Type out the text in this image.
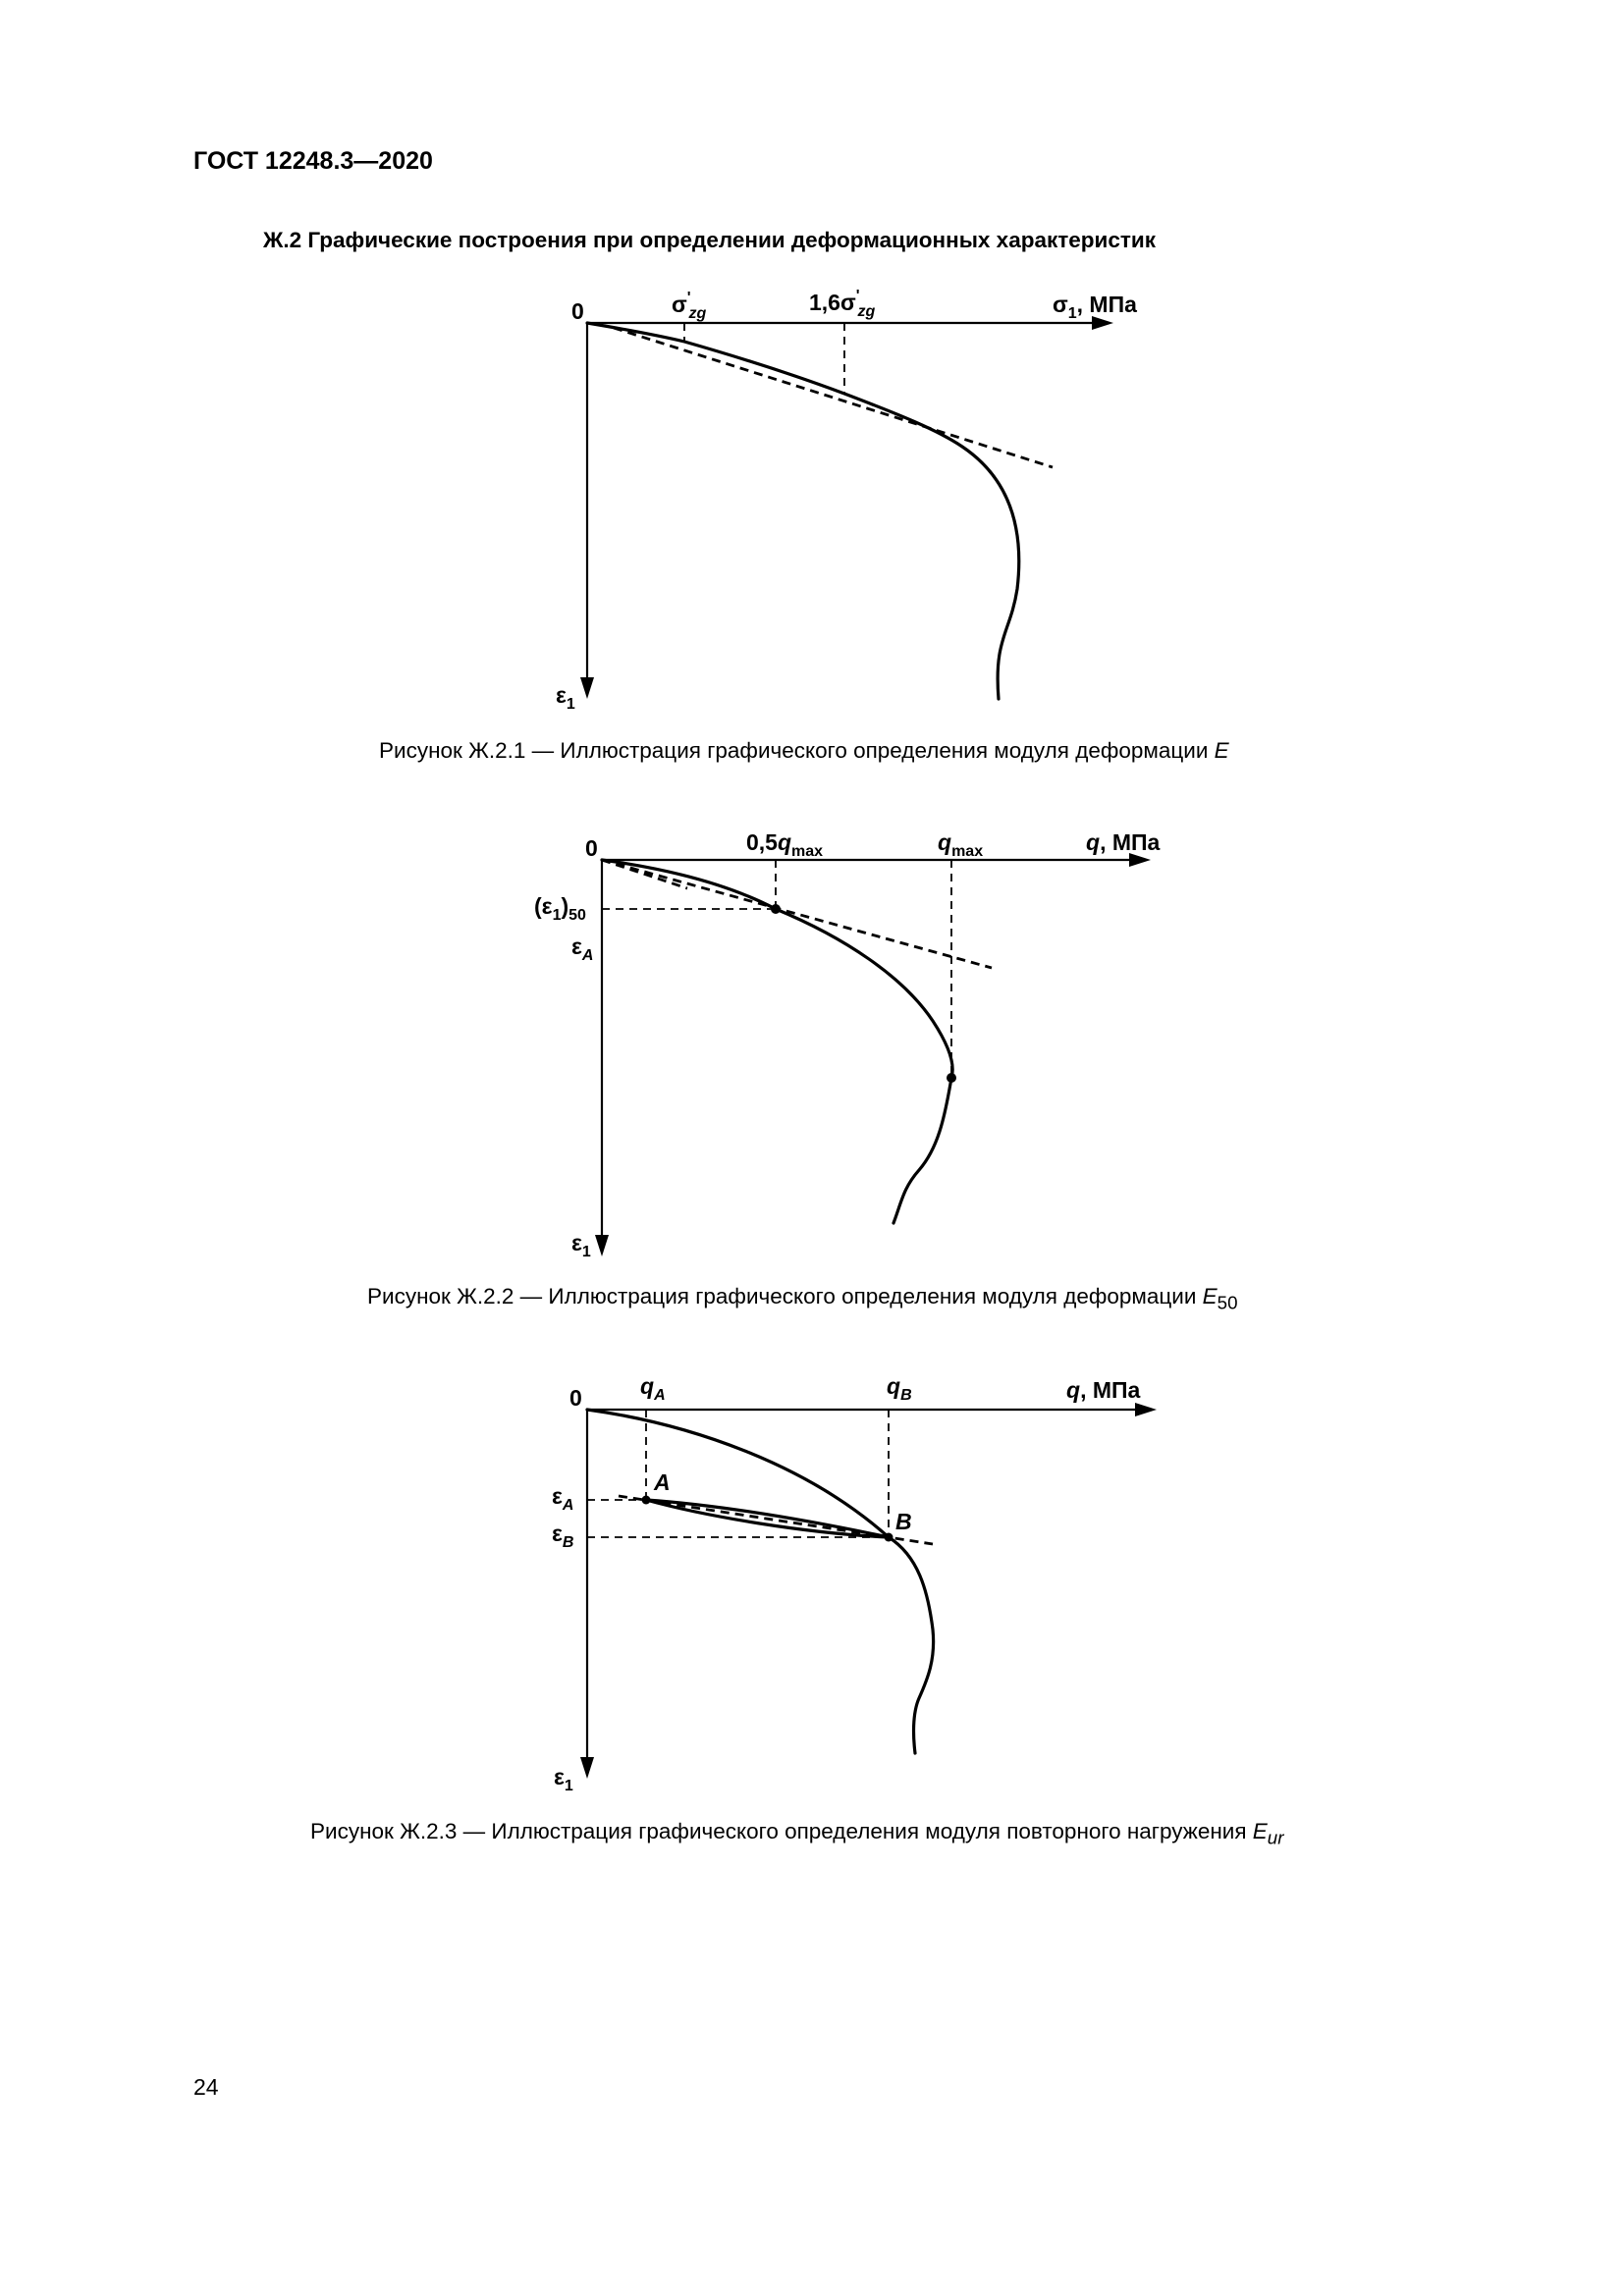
ГОСТ 12248.3—2020
Ж.2 Графические построения при определении деформационных характеристик
0	σ' zg	1,6σ' zg	$\sigma_1$, МПа
$\varepsilon_1$
Рисунок Ж.2.1 — Иллюстрация графического определения модуля деформации E
0	$0,5q_{max}$	$q_{max}$	q, МПа
$(\varepsilon_1)_{50}$
$\varepsilon_A$
$\varepsilon_1$
Рисунок Ж.2.2 — Иллюстрация графического определения модуля деформации $E_{50}$
0	$q_A$	$q_B$	q, МПа
A
B
$\varepsilon_A$
$\varepsilon_B$
$\varepsilon_1$
Рисунок Ж.2.3 — Иллюстрация графического определения модуля повторного нагружения $E_{ur}$
24
